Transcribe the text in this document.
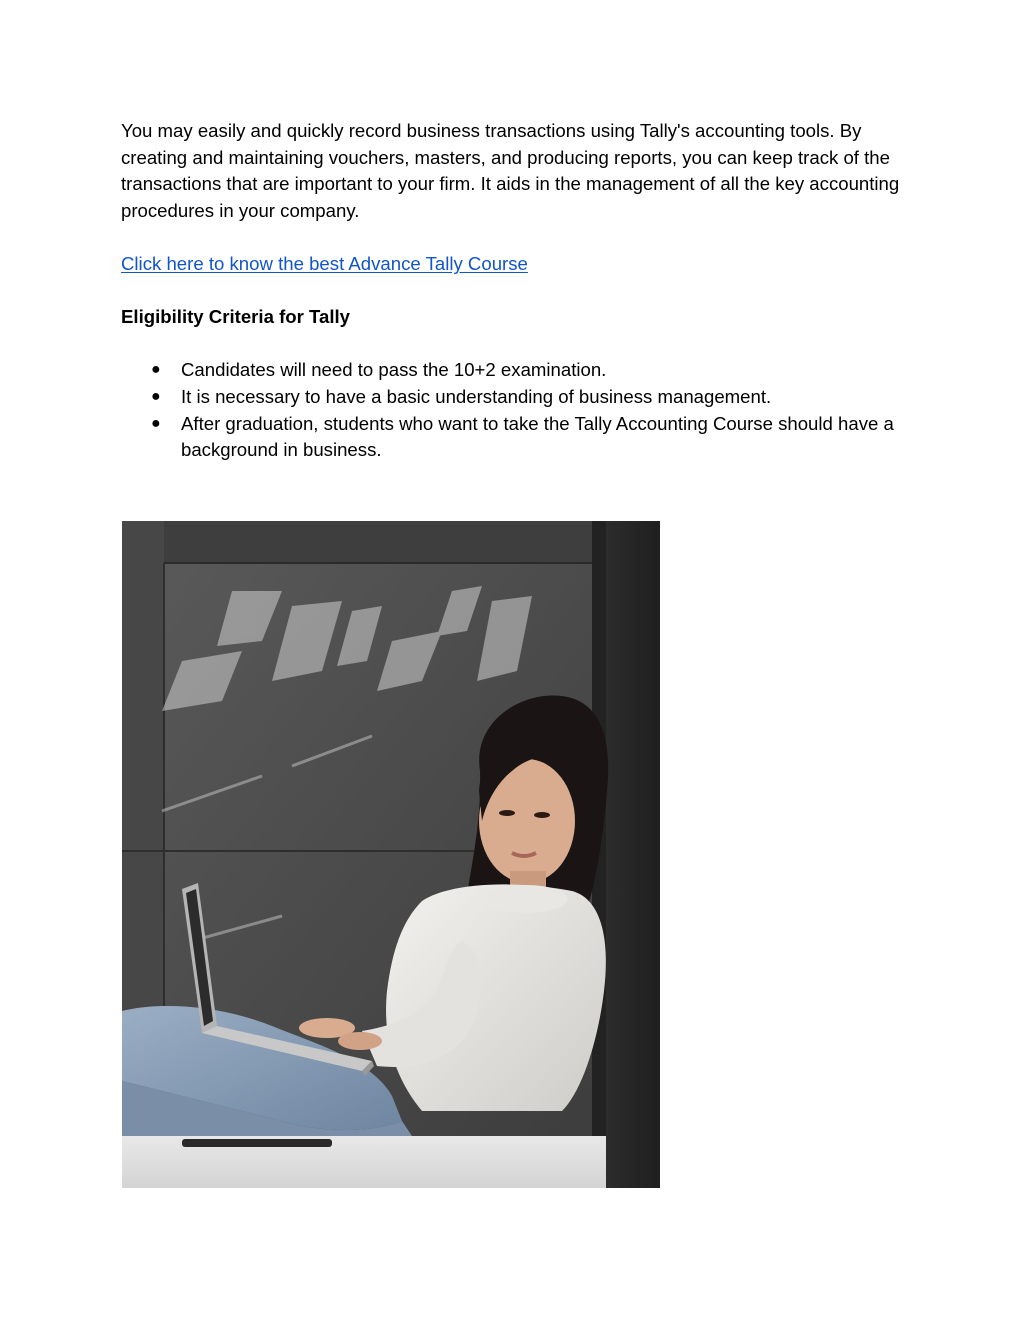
You may easily and quickly record business transactions using Tally's accounting tools. By creating and maintaining vouchers, masters, and producing reports, you can keep track of the transactions that are important to your firm. It aids in the management of all the key accounting procedures in your company.

Click here to know the best Advance Tally Course

Eligibility Criteria for Tally

● Candidates will need to pass the 10+2 examination.
● It is necessary to have a basic understanding of business management.
● After graduation, students who want to take the Tally Accounting Course should have a background in business.
